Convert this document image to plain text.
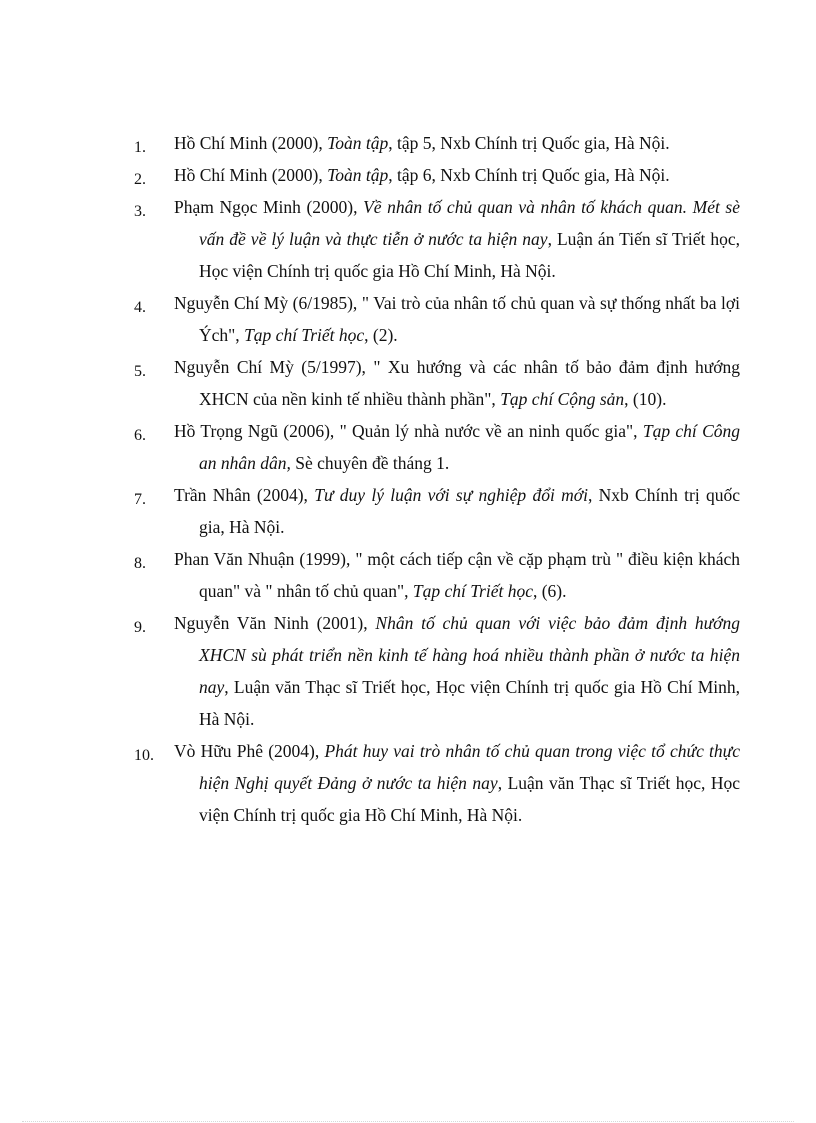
1.	Hồ Chí Minh (2000), Toàn tập, tập 5, Nxb Chính trị Quốc gia, Hà Nội.
2.	Hồ Chí Minh (2000), Toàn tập, tập 6, Nxb Chính trị Quốc gia, Hà Nội.
3.	Phạm Ngọc Minh (2000), Về nhân tố chủ quan và nhân tố khách quan. Mét sè vấn đề về lý luận và thực tiễn ở nước ta hiện nay, Luận án Tiến sĩ Triết học, Học viện Chính trị quốc gia Hồ Chí Minh, Hà Nội.
4.	Nguyễn Chí Mỳ (6/1985), " Vai trò của nhân tố chủ quan và sự thống nhất ba lợi Ých", Tạp chí Triết học, (2).
5.	Nguyễn Chí Mỳ (5/1997), " Xu hướng và các nhân tố bảo đảm định hướng XHCN của nền kinh tế nhiều thành phần", Tạp chí Cộng sản, (10).
6.	Hồ Trọng Ngũ (2006), " Quản lý nhà nước về an ninh quốc gia", Tạp chí Công an nhân dân, Sè chuyên đề tháng 1.
7.	Trần Nhân (2004), Tư duy lý luận với sự nghiệp đổi mới, Nxb Chính trị quốc gia, Hà Nội.
8.	Phan Văn Nhuận (1999), " một cách tiếp cận về cặp phạm trù " điều kiện khách quan" và " nhân tố chủ quan", Tạp chí Triết học, (6).
9.	Nguyễn Văn Ninh (2001), Nhân tố chủ quan với việc bảo đảm định hướng XHCN sù phát triển nền kinh tế hàng hoá nhiều thành phần ở nước ta hiện nay, Luận văn Thạc sĩ Triết học, Học viện Chính trị quốc gia Hồ Chí Minh, Hà Nội.
10.	Vò Hữu Phê (2004), Phát huy vai trò nhân tố chủ quan trong việc tổ chức thực hiện Nghị quyết Đảng ở nước ta hiện nay, Luận văn Thạc sĩ Triết học, Học viện Chính trị quốc gia Hồ Chí Minh, Hà Nội.
